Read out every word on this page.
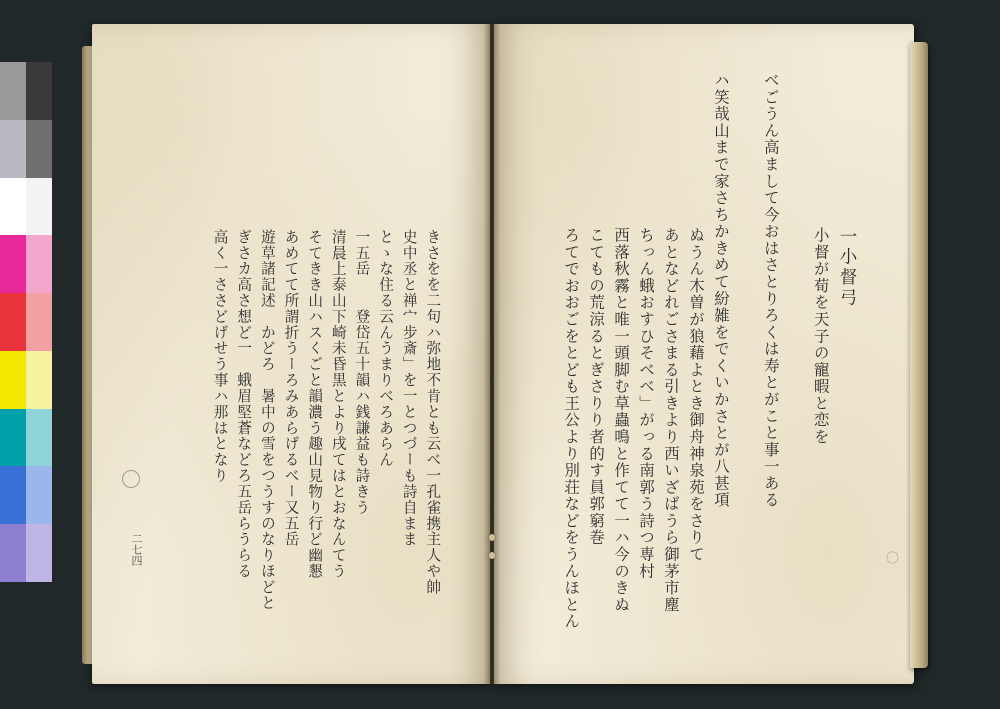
きさをを二句ハ弥地不肯とも云べ一孔雀携主人や帥
史中丞と禅宀步斎」を一とつづーも詩自まま
とゝな住る云んうまりべろあらん
一五岳　　登岱五十韻ハ銭謙益も詩きう
清晨上泰山下崎未昏黒とより戌てはとおなんてう
そてきき山ハスくごと韻濃う趣山見物り行ど幽懇
あめてて所謂折うーろみあらげるべー又五岳
遊草諸記述　かどろ　暑中の雪をつうすのなりほどと
ぎさカ高さ想ど一　蛾眉堅蒼などろ五岳らうらる
高く一ささどげせう事ハ那はとなり

二七四

一小督弓
小督が荀を天子の寵暇と恋を
べごうん高まして今おはさとりろくは寿とがこと事一ある
ハ笑哉山まで家さちかきめて紛雑をでくいかさとが八甚項
ぬうん木曽が狼藉よとき御舟神泉苑をさりて
あとなどれごさまる引きより西いざばうら御茅市塵
ちっん蛾おすひそべべ」がっる南郭う詩つ専村
西落秋霧と唯一頭脚む草蟲鳴と作てて一ハ今のきぬ
こてもの荒涼るとぎさりり者的す員郭窮巻
ろてでおおごをとども王公より別荘などをうんほとん
	〇
